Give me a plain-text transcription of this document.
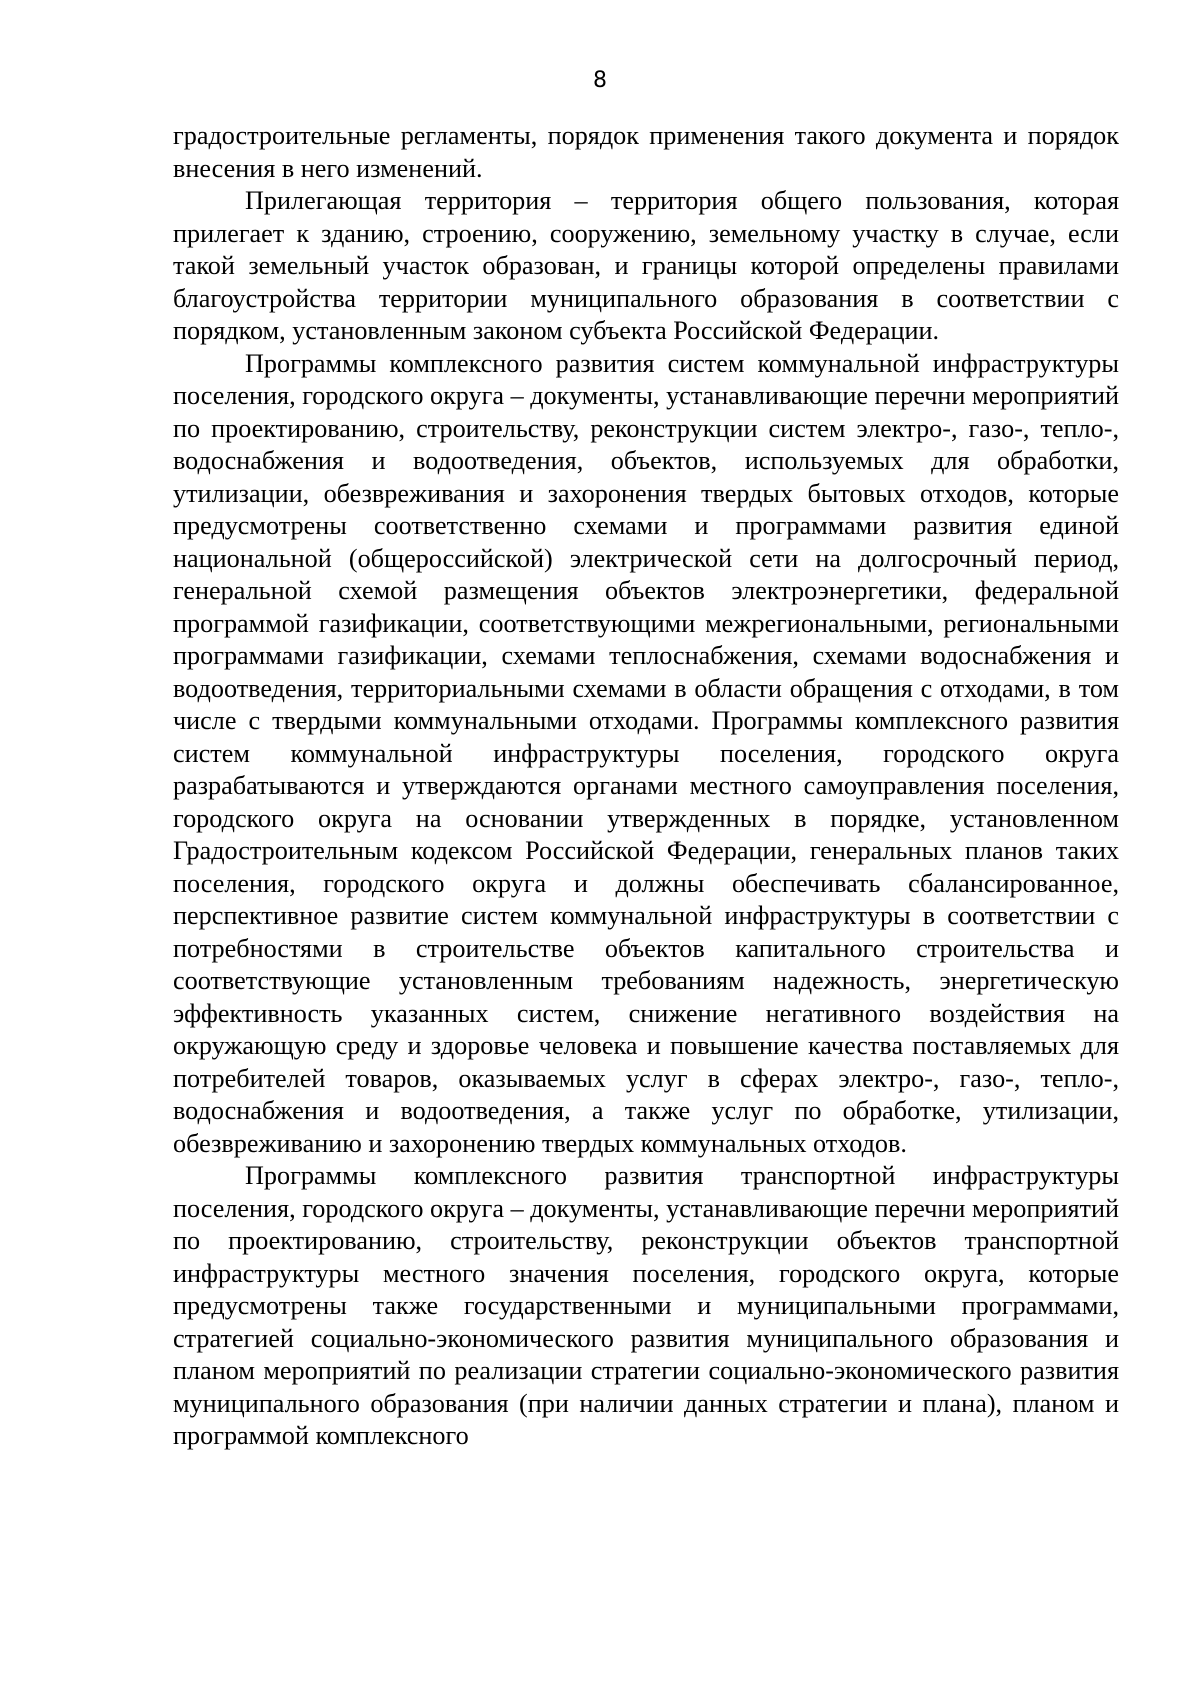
8

градостроительные регламенты, порядок применения такого документа и порядок внесения в него изменений.

Прилегающая территория – территория общего пользования, которая прилегает к зданию, строению, сооружению, земельному участку в случае, если такой земельный участок образован, и границы которой определены правилами благоустройства территории муниципального образования в соответствии с порядком, установленным законом субъекта Российской Федерации.

Программы комплексного развития систем коммунальной инфраструктуры поселения, городского округа – документы, устанавливающие перечни мероприятий по проектированию, строительству, реконструкции систем электро-, газо-, тепло-, водоснабжения и водоотведения, объектов, используемых для обработки, утилизации, обезвреживания и захоронения твердых бытовых отходов, которые предусмотрены соответственно схемами и программами развития единой национальной (общероссийской) электрической сети на долгосрочный период, генеральной схемой размещения объектов электроэнергетики, федеральной программой газификации, соответствующими межрегиональными, региональными программами газификации, схемами теплоснабжения, схемами водоснабжения и водоотведения, территориальными схемами в области обращения с отходами, в том числе с твердыми коммунальными отходами. Программы комплексного развития систем коммунальной инфраструктуры поселения, городского округа разрабатываются и утверждаются органами местного самоуправления поселения, городского округа на основании утвержденных в порядке, установленном Градостроительным кодексом Российской Федерации, генеральных планов таких поселения, городского округа и должны обеспечивать сбалансированное, перспективное развитие систем коммунальной инфраструктуры в соответствии с потребностями в строительстве объектов капитального строительства и соответствующие установленным требованиям надежность, энергетическую эффективность указанных систем, снижение негативного воздействия на окружающую среду и здоровье человека и повышение качества поставляемых для потребителей товаров, оказываемых услуг в сферах электро-, газо-, тепло-, водоснабжения и водоотведения, а также услуг по обработке, утилизации, обезвреживанию и захоронению твердых коммунальных отходов.

Программы комплексного развития транспортной инфраструктуры поселения, городского округа – документы, устанавливающие перечни мероприятий по проектированию, строительству, реконструкции объектов транспортной инфраструктуры местного значения поселения, городского округа, которые предусмотрены также государственными и муниципальными программами, стратегией социально-экономического развития муниципального образования и планом мероприятий по реализации стратегии социально-экономического развития муниципального образования (при наличии данных стратегии и плана), планом и программой комплексного
